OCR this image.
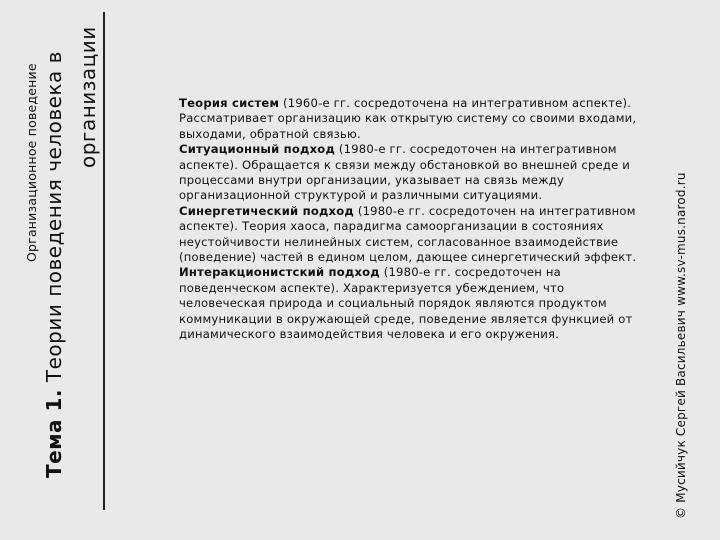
Организационное поведение
Тема 1. Теории поведения человека в организации	Теория систем (1960-е гг. сосредоточена на интегративном аспекте). Рассматривает организацию как открытую систему со своими входами, выходами, обратной связью.

Ситуационный подход (1980-е гг. сосредоточен на интегративном аспекте). Обращается к связи между обстановкой во внешней среде и процессами внутри организации, указывает на связь между организационной структурой и различными ситуациями.

Синергетический подход (1980-е гг. сосредоточен на интегративном аспекте). Теория хаоса, парадигма самоорганизации в состояниях неустойчивости нелинейных систем, согласованное взаимодействие (поведение) частей в едином целом, дающее синергетический эффект.

Интеракционистский подход (1980-е гг. сосредоточен на поведенческом аспекте). Характеризуется убеждением, что человеческая природа и социальный порядок являются продуктом коммуникации в окружающей среде, поведение является функцией от динамического взаимодействия человека и его окружения.	© Мусийчук Сергей Васильевич www.sv-mus.narod.ru
